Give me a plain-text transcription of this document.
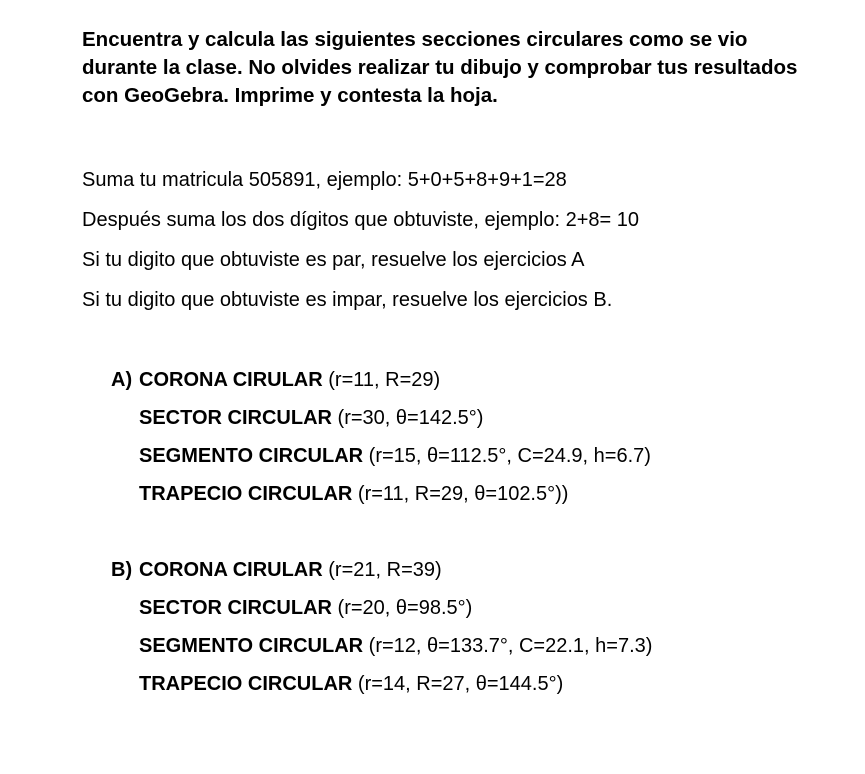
Encuentra y calcula las siguientes secciones circulares como se vio durante la clase. No olvides realizar tu dibujo y comprobar tus resultados con GeoGebra. Imprime y contesta la hoja.

Suma tu matricula 505891, ejemplo: 5+0+5+8+9+1=28
Después suma los dos dígitos que obtuviste, ejemplo: 2+8= 10
Si tu digito que obtuviste es par, resuelve los ejercicios A
Si tu digito que obtuviste es impar, resuelve los ejercicios B.
A) CORONA CIRULAR (r=11, R=29)
SECTOR CIRCULAR (r=30, θ=142.5°)
SEGMENTO CIRCULAR (r=15, θ=112.5°, C=24.9, h=6.7)
TRAPECIO CIRCULAR (r=11, R=29, θ=102.5°))
B) CORONA CIRULAR (r=21, R=39)
SECTOR CIRCULAR (r=20, θ=98.5°)
SEGMENTO CIRCULAR (r=12, θ=133.7°, C=22.1, h=7.3)
TRAPECIO CIRCULAR (r=14, R=27, θ=144.5°)
